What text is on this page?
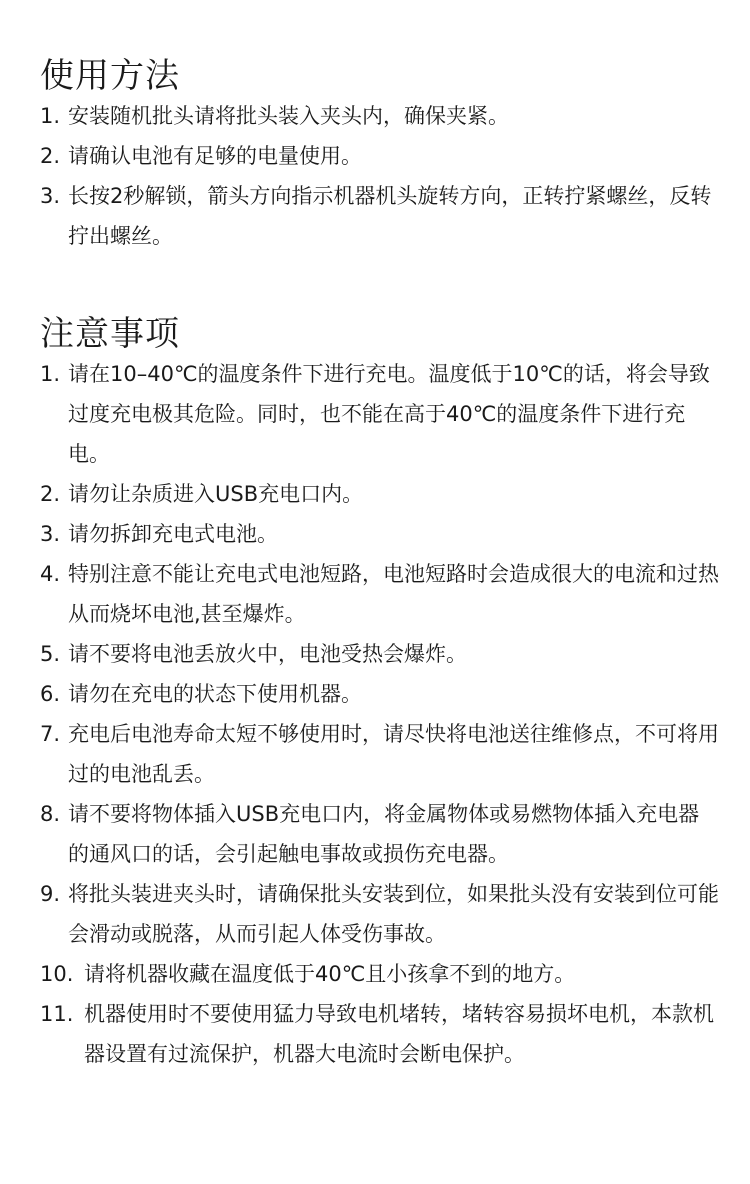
使用方法
1. 安装随机批头请将批头装入夹头内，确保夹紧。
2. 请确认电池有足够的电量使用。
3. 长按2秒解锁，箭头方向指示机器机头旋转方向，正转拧紧螺丝，反转拧出螺丝。
注意事项
1. 请在10–40℃的温度条件下进行充电。温度低于10℃的话，将会导致过度充电极其危险。同时，也不能在高于40℃的温度条件下进行充电。
2. 请勿让杂质进入USB充电口内。
3. 请勿拆卸充电式电池。
4. 特别注意不能让充电式电池短路，电池短路时会造成很大的电流和过热从而烧坏电池,甚至爆炸。
5. 请不要将电池丢放火中，电池受热会爆炸。
6. 请勿在充电的状态下使用机器。
7. 充电后电池寿命太短不够使用时，请尽快将电池送往维修点，不可将用过的电池乱丢。
8. 请不要将物体插入USB充电口内，将金属物体或易燃物体插入充电器的通风口的话，会引起触电事故或损伤充电器。
9. 将批头装进夹头时，请确保批头安装到位，如果批头没有安装到位可能会滑动或脱落，从而引起人体受伤事故。
10. 请将机器收藏在温度低于40℃且小孩拿不到的地方。
11. 机器使用时不要使用猛力导致电机堵转，堵转容易损坏电机，本款机器设置有过流保护，机器大电流时会断电保护。
